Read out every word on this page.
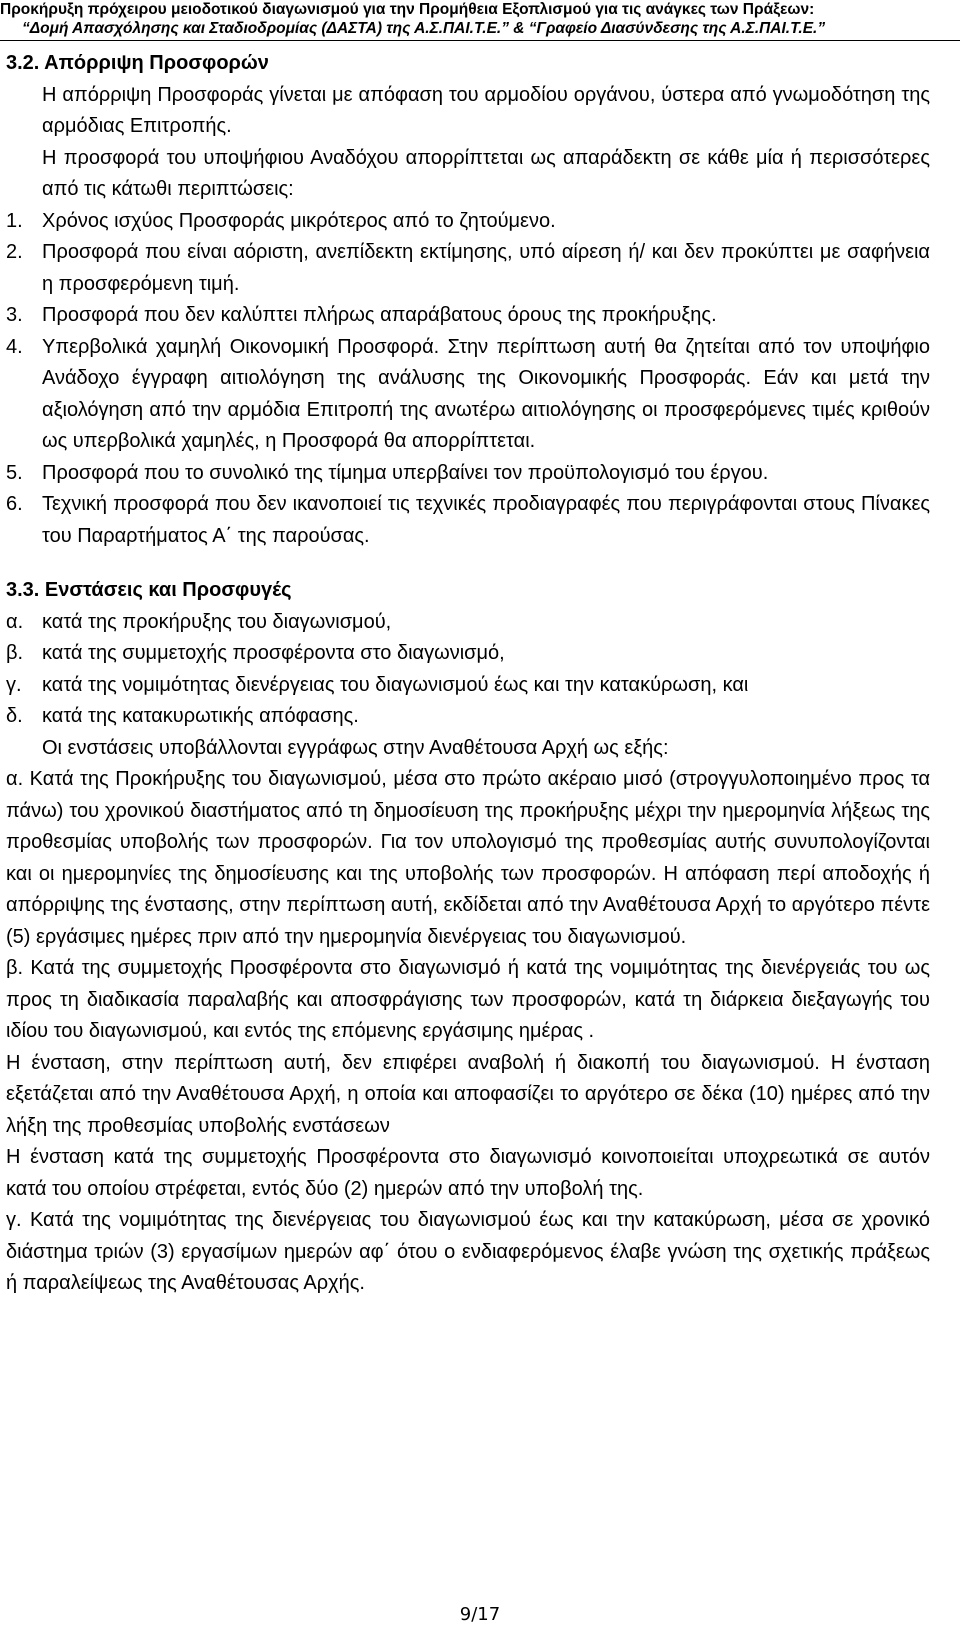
Προκήρυξη πρόχειρου μειοδοτικού διαγωνισμού για την Προμήθεια Εξοπλισμού για τις ανάγκες των Πράξεων:
“Δομή Απασχόλησης και Σταδιοδρομίας (ΔΑΣΤΑ) της Α.Σ.ΠΑΙ.Τ.Ε.” & “Γραφείο Διασύνδεσης της Α.Σ.ΠΑΙ.Τ.Ε.”

3.2. Απόρριψη Προσφορών

Η απόρριψη Προσφοράς γίνεται με απόφαση του αρμοδίου οργάνου, ύστερα από γνωμοδότηση της αρμόδιας Επιτροπής.

Η προσφορά του υποψήφιου Αναδόχου απορρίπτεται ως απαράδεκτη σε κάθε μία ή περισσότερες από τις κάτωθι περιπτώσεις:

1. Χρόνος ισχύος Προσφοράς μικρότερος από το ζητούμενο.
2. Προσφορά που είναι αόριστη, ανεπίδεκτη εκτίμησης, υπό αίρεση ή/ και δεν προκύπτει με σαφήνεια η προσφερόμενη τιμή.
3. Προσφορά που δεν καλύπτει πλήρως απαράβατους όρους της προκήρυξης.
4. Υπερβολικά χαμηλή Οικονομική Προσφορά. Στην περίπτωση αυτή θα ζητείται από τον υποψήφιο Ανάδοχο έγγραφη αιτιολόγηση της ανάλυσης της Οικονομικής Προσφοράς. Εάν και μετά την αξιολόγηση από την αρμόδια Επιτροπή της ανωτέρω αιτιολόγησης οι προσφερόμενες τιμές κριθούν ως υπερβολικά χαμηλές, η Προσφορά θα απορρίπτεται.
5. Προσφορά που το συνολικό της τίμημα υπερβαίνει τον προϋπολογισμό του έργου.
6. Τεχνική προσφορά που δεν ικανοποιεί τις τεχνικές προδιαγραφές που περιγράφονται στους Πίνακες του Παραρτήματος Α΄ της παρούσας.

3.3. Ενστάσεις και Προσφυγές

α. κατά της προκήρυξης του διαγωνισμού,
β. κατά της συμμετοχής προσφέροντα στο διαγωνισμό,
γ.	κατά της νομιμότητας διενέργειας του διαγωνισμού έως και την κατακύρωση, και
δ. κατά της κατακυρωτικής απόφασης.

Οι ενστάσεις υποβάλλονται εγγράφως στην Αναθέτουσα Αρχή ως εξής:

α. Κατά της Προκήρυξης του διαγωνισμού, μέσα στο πρώτο ακέραιο μισό (στρογγυλοποιημένο προς τα πάνω) του χρονικού διαστήματος από τη δημοσίευση της προκήρυξης μέχρι την ημερομηνία λήξεως της προθεσμίας υποβολής των προσφορών. Για τον υπολογισμό της προθεσμίας αυτής συνυπολογίζονται και οι ημερομηνίες της δημοσίευσης και της υποβολής των προσφορών. Η απόφαση περί αποδοχής ή απόρριψης της ένστασης, στην περίπτωση αυτή, εκδίδεται από την Αναθέτουσα Αρχή το αργότερο πέντε (5) εργάσιμες ημέρες πριν από την ημερομηνία διενέργειας του διαγωνισμού.

β. Κατά της συμμετοχής Προσφέροντα στο διαγωνισμό ή κατά της νομιμότητας της διενέργειάς του ως προς τη διαδικασία παραλαβής και αποσφράγισης των προσφορών, κατά τη διάρκεια διεξαγωγής του ιδίου του διαγωνισμού, και εντός της επόμενης εργάσιμης ημέρας .

Η ένσταση, στην περίπτωση αυτή, δεν επιφέρει αναβολή ή διακοπή του διαγωνισμού. Η ένσταση εξετάζεται από την Αναθέτουσα Αρχή, η οποία και αποφασίζει το αργότερο σε δέκα (10) ημέρες από την λήξη της προθεσμίας υποβολής ενστάσεων

Η ένσταση κατά της συμμετοχής Προσφέροντα στο διαγωνισμό κοινοποιείται υποχρεωτικά σε αυτόν κατά του οποίου στρέφεται, εντός δύο (2) ημερών από την υποβολή της.

γ. Κατά της νομιμότητας της διενέργειας του διαγωνισμού έως και την κατακύρωση, μέσα σε χρονικό διάστημα τριών (3) εργασίμων ημερών αφ΄ ότου ο ενδιαφερόμενος έλαβε γνώση της σχετικής πράξεως ή παραλείψεως της Αναθέτουσας Αρχής.

9/17
